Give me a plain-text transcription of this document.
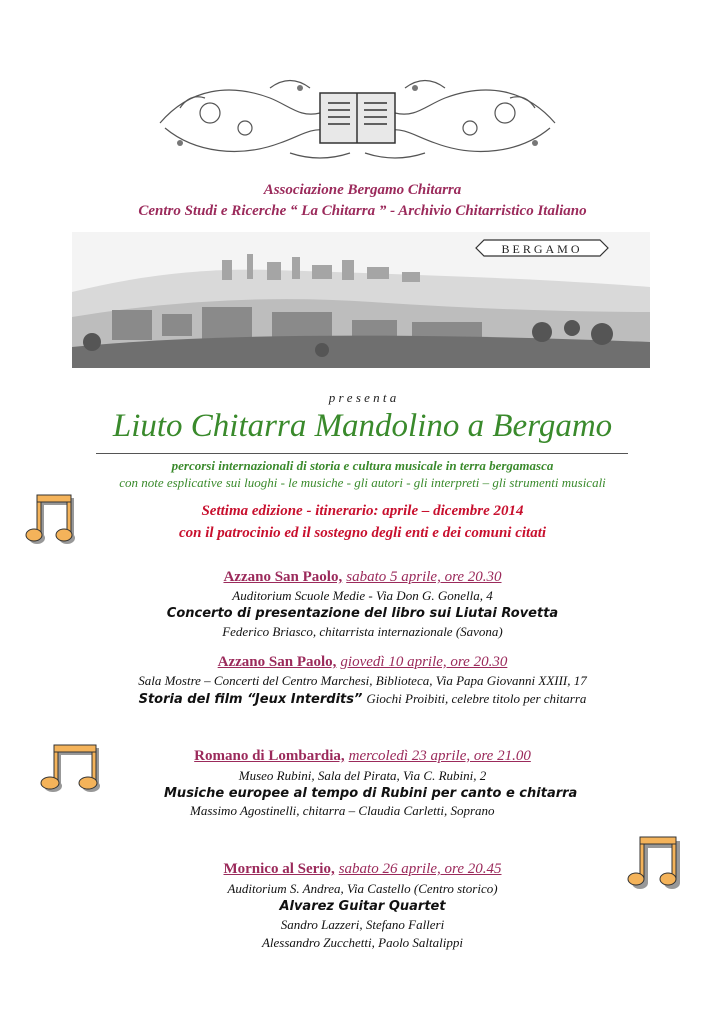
Associazione Bergamo Chitarra
Centro Studi e Ricerche “ La Chitarra ” - Archivio Chitarristico Italiano
BERGAMO
p r e s e n t a
Liuto Chitarra Mandolino a Bergamo
percorsi internazionali di storia e cultura musicale in terra bergamasca
con note esplicative sui luoghi - le musiche - gli autori - gli interpreti – gli strumenti musicali
Settima edizione - itinerario: aprile – dicembre 2014
con il patrocinio ed il sostegno degli enti e dei comuni citati
Azzano San Paolo, sabato 5 aprile, ore 20.30
Auditorium Scuole Medie - Via Don G. Gonella, 4
Concerto di presentazione del libro sui Liutai Rovetta
Federico Briasco, chitarrista internazionale (Savona)
Azzano San Paolo, giovedì 10 aprile, ore 20.30
Sala Mostre – Concerti del Centro Marchesi, Biblioteca, Via Papa Giovanni XXIII, 17
Storia del film “Jeux Interdits” Giochi Proibiti, celebre titolo per chitarra
Romano di Lombardia, mercoledì 23 aprile, ore 21.00
Museo Rubini, Sala del Pirata, Via C. Rubini, 2
Musiche europee al tempo di Rubini per canto e chitarra
Massimo Agostinelli, chitarra – Claudia Carletti, Soprano
Mornico al Serio, sabato 26 aprile, ore 20.45
Auditorium S. Andrea, Via Castello (Centro storico)
Alvarez Guitar Quartet
Sandro Lazzeri, Stefano Falleri
Alessandro Zucchetti, Paolo Saltalippi
